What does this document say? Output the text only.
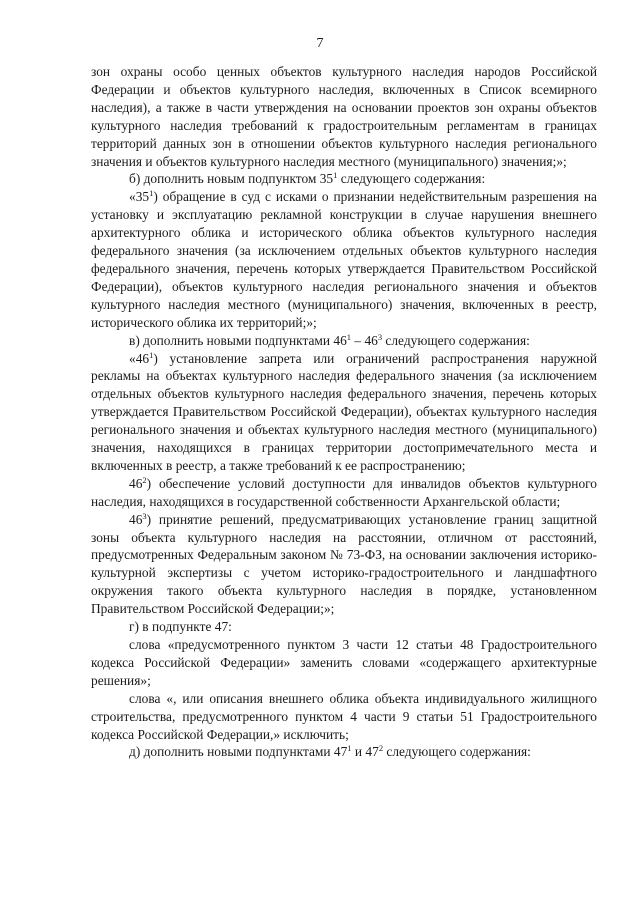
7

зон охраны особо ценных объектов культурного наследия народов Российской Федерации и объектов культурного наследия, включенных в Список всемирного наследия), а также в части утверждения на основании проектов зон охраны объектов культурного наследия требований к градостроительным регламентам в границах территорий данных зон в отношении объектов культурного наследия регионального значения и объектов культурного наследия местного (муниципального) значения;»;

б) дополнить новым подпунктом $35^1$ следующего содержания:

«$35^1$) обращение в суд с исками о признании недействительным разрешения на установку и эксплуатацию рекламной конструкции в случае нарушения внешнего архитектурного облика и исторического облика объектов культурного наследия федерального значения (за исключением отдельных объектов культурного наследия федерального значения, перечень которых утверждается Правительством Российской Федерации), объектов культурного наследия регионального значения и объектов культурного наследия местного (муниципального) значения, включенных в реестр, исторического облика их территорий;»;

в) дополнить новыми подпунктами $46^1 - 46^3$ следующего содержания:

«$46^1$) установление запрета или ограничений распространения наружной рекламы на объектах культурного наследия федерального значения (за исключением отдельных объектов культурного наследия федерального значения, перечень которых утверждается Правительством Российской Федерации), объектах культурного наследия регионального значения и объектах культурного наследия местного (муниципального) значения, находящихся в границах территории достопримечательного места и включенных в реестр, а также требований к ее распространению;

$46^2$) обеспечение условий доступности для инвалидов объектов культурного наследия, находящихся в государственной собственности Архангельской области;

$46^3$) принятие решений, предусматривающих установление границ защитной зоны объекта культурного наследия на расстоянии, отличном от расстояний, предусмотренных Федеральным законом № 73-ФЗ, на основании заключения историко-культурной экспертизы с учетом историко-градостроительного и ландшафтного окружения такого объекта культурного наследия в порядке, установленном Правительством Российской Федерации;»;

г) в подпункте 47:

слова «предусмотренного пунктом 3 части 12 статьи 48 Градостроительного кодекса Российской Федерации» заменить словами «содержащего архитектурные решения»;

слова «, или описания внешнего облика объекта индивидуального жилищного строительства, предусмотренного пунктом 4 части 9 статьи 51 Градостроительного кодекса Российской Федерации,» исключить;

д) дополнить новыми подпунктами $47^1$ и $47^2$ следующего содержания:
